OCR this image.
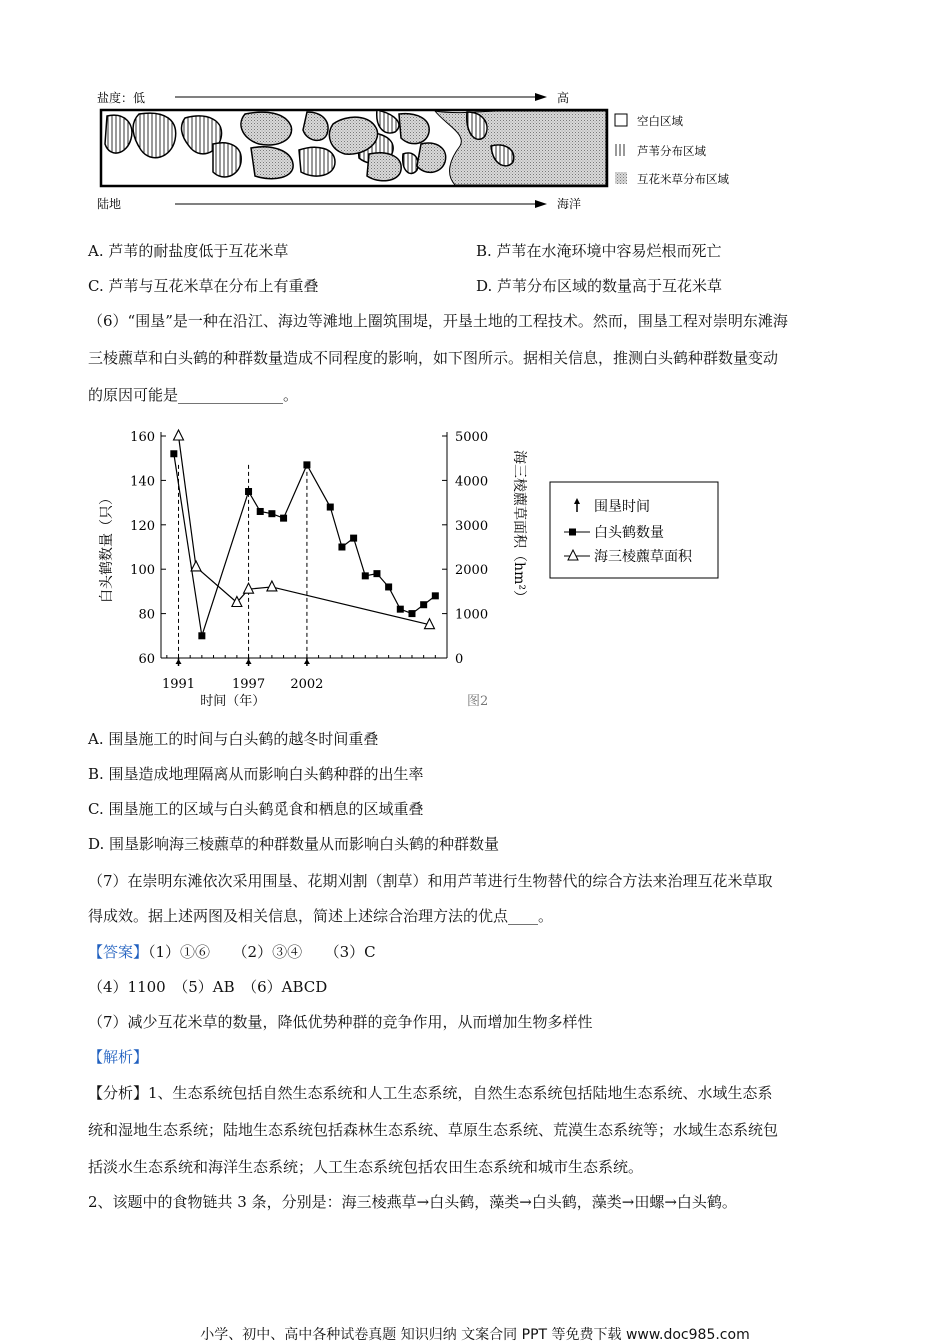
盐度：低	高
陆地	海洋
空白区域
芦苇分布区域
互花米草分布区域
A. 芦苇的耐盐度低于互花米草	B. 芦苇在水淹环境中容易烂根而死亡
C. 芦苇与互花米草在分布上有重叠	D. 芦苇分布区域的数量高于互花米草
（6）“围垦”是一种在沿江、海边等滩地上圈筑围堤，开垦土地的工程技术。然而，围垦工程对崇明东滩海
三棱藨草和白头鹤的种群数量造成不同程度的影响，如下图所示。据相关信息，推测白头鹤种群数量变动
的原因可能是______________。
60
80
100
120
140
160
0
1000
2000
3000
4000
5000
1991	1997 2002
白头鹤数量（只）	海三棱藨草面积（hm²）
时间（年）	图2
围垦时间
白头鹤数量
海三棱藨草面积
A. 围垦施工的时间与白头鹤的越冬时间重叠
B. 围垦造成地理隔离从而影响白头鹤种群的出生率
C. 围垦施工的区域与白头鹤觅食和栖息的区域重叠
D. 围垦影响海三棱藨草的种群数量从而影响白头鹤的种群数量
（7）在崇明东滩依次采用围垦、花期刈割（割草）和用芦苇进行生物替代的综合方法来治理互花米草取
得成效。据上述两图及相关信息，简述上述综合治理方法的优点____。
【答案】（1）①⑥　　（2）③④　　（3）C
（4）1100　（5）AB　（6）ABCD
（7）减少互花米草的数量，降低优势种群的竞争作用，从而增加生物多样性
【解析】
【分析】1、生态系统包括自然生态系统和人工生态系统，自然生态系统包括陆地生态系统、水域生态系
统和湿地生态系统；陆地生态系统包括森林生态系统、草原生态系统、荒漠生态系统等；水域生态系统包
括淡水生态系统和海洋生态系统；人工生态系统包括农田生态系统和城市生态系统。
2、该题中的食物链共 3 条，分别是：海三棱燕草→白头鹤，藻类→白头鹤，藻类→田螺→白头鹤。
小学、初中、高中各种试卷真题 知识归纳 文案合同 PPT 等免费下载 www.doc985.com
